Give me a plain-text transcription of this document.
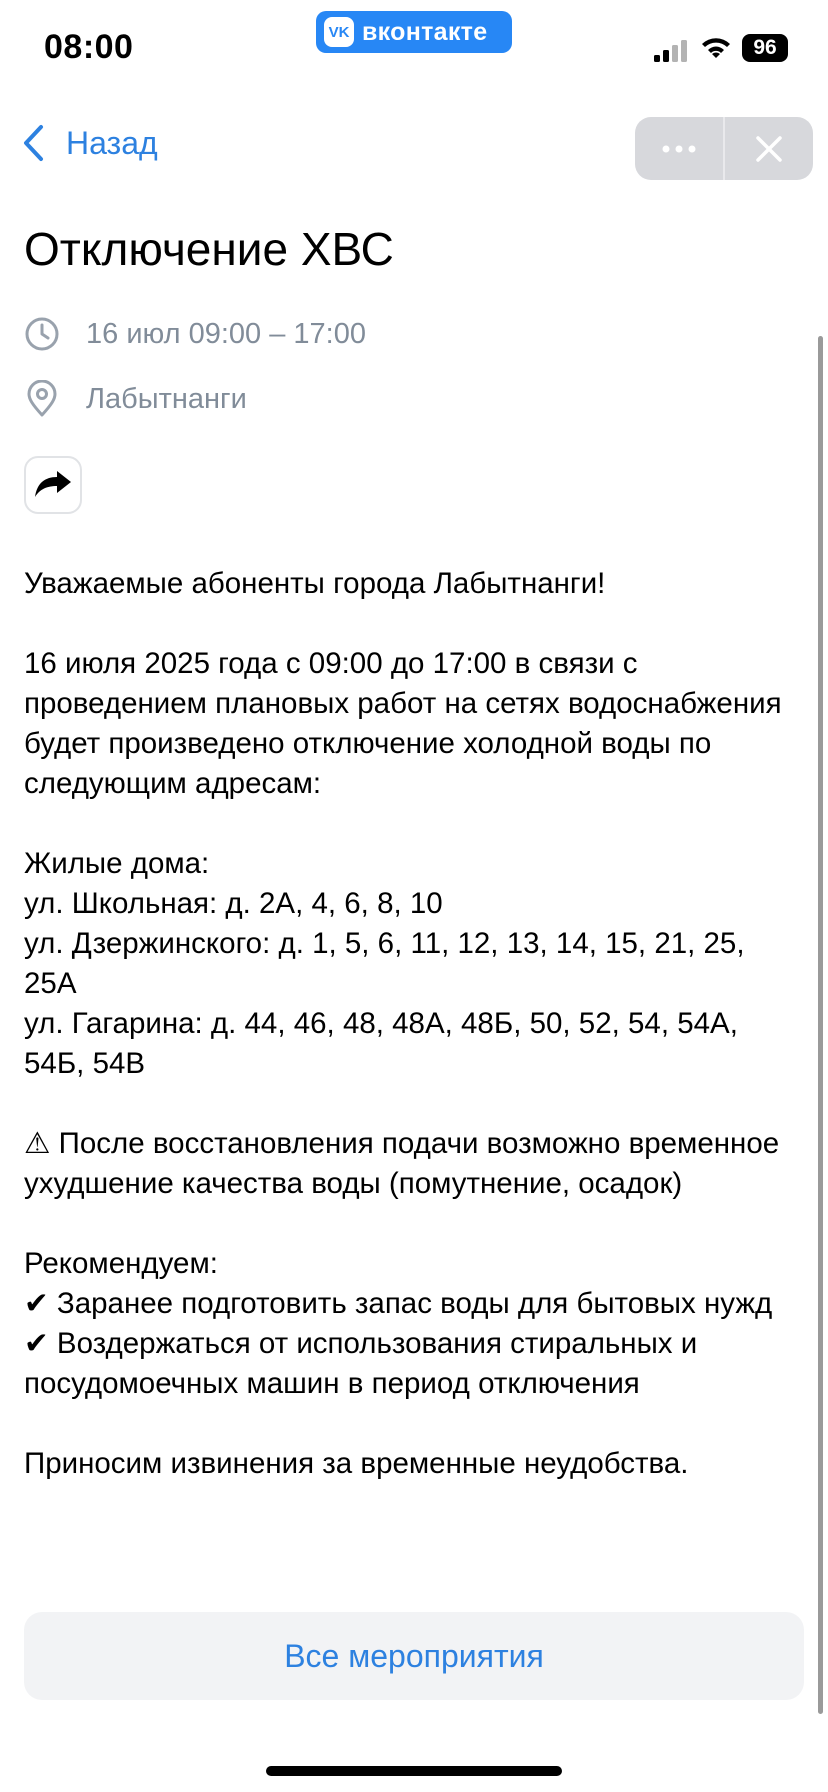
08:00	VK вконтакте
96
Назад
Отключение ХВС
16 июл 09:00 – 17:00
Лабытнанги

Уважаемые абоненты города Лабытнанги!

16 июля 2025 года с 09:00 до 17:00 в связи с проведением плановых работ на сетях водоснабжения будет произведено отключение холодной воды по следующим адресам:

Жилые дома:
ул. Школьная: д. 2А, 4, 6, 8, 10
ул. Дзержинского: д. 1, 5, 6, 11, 12, 13, 14, 15, 21, 25, 25А
ул. Гагарина: д. 44, 46, 48, 48А, 48Б, 50, 52, 54, 54А, 54Б, 54В

⚠ После восстановления подачи возможно временное ухудшение качества воды (помутнение, осадок)

Рекомендуем:
✔ Заранее подготовить запас воды для бытовых нужд
✔ Воздержаться от использования стиральных и посудомоечных машин в период отключения

Приносим извинения за временные неудобства.

Все мероприятия
